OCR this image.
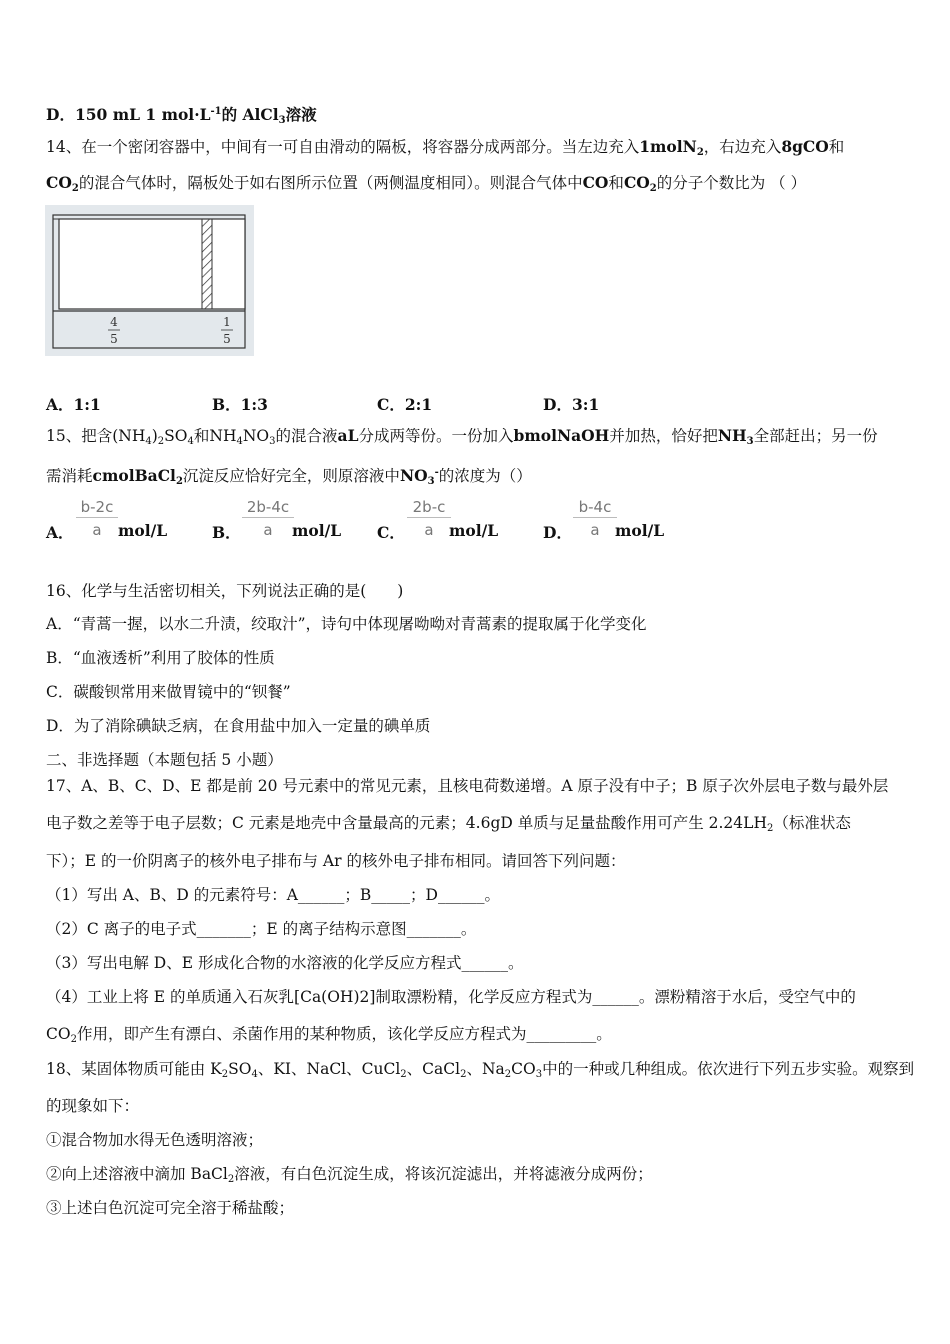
D．150 mL 1 $mol\cdot L^{-1}$的 AlCl$_3$溶液
14、在一个密闭容器中，中间有一可自由滑动的隔板，将容器分成两部分。当左边充入1molN$_2$，右边充入8gCO和
$CO_2$的混合气体时，隔板处于如右图所示位置（两侧温度相同）。则混合气体中CO和$CO_2$的分子个数比为 （ ）
4
5
1
5
A．1:1	B．1:3	C．2:1	D．3:1
15、把含$(NH_4)_2SO_4$和$NH_4NO_3$的混合液aL分成两等份。一份加入bmolNaOH并加热，恰好把$NH_3$全部赶出；另一份
需消耗cmolBaCl$_2$沉淀反应恰好完全，则原溶液中$NO_3^-$的浓度为（）
A． $\frac{b-2c}{a} mol/L$	B． $\frac{2b-4c}{a}$
mol/L C． $\frac{2b-c}{a}$
mol/L	D． $\frac{b-4c}{a}$
mol/L
16、化学与生活密切相关，下列说法正确的是(　　)
A．“青蒿一握，以水二升渍，绞取汁”，诗句中体现屠呦呦对青蒿素的提取属于化学变化
B．“血液透析”利用了胶体的性质
C．碳酸钡常用来做胃镜中的“钡餐”
D．为了消除碘缺乏病，在食用盐中加入一定量的碘单质
二、非选择题（本题包括 5 小题）
17、A、B、C、D、E 都是前 20 号元素中的常见元素，且核电荷数递增。A 原子没有中子；B 原子次外层电子数与最外层
电子数之差等于电子层数；C 元素是地壳中含量最高的元素；4.6gD 单质与足量盐酸作用可产生 $2.24LH_2$（标准状态
下）；E 的一价阴离子的核外电子排布与 Ar 的核外电子排布相同。请回答下列问题：
（1）写出 A、B、D 的元素符号：A______；B_____；D______。
（2）C 离子的电子式_______；E 的离子结构示意图_______。
（3）写出电解 D、E 形成化合物的水溶液的化学反应方程式______。
（4）工业上将 E 的单质通入石灰乳[Ca(OH)2]制取漂粉精，化学反应方程式为______。漂粉精溶于水后，受空气中的
$CO_2$作用，即产生有漂白、杀菌作用的某种物质，该化学反应方程式为_________。
18、某固体物质可能由 $K_2SO_4$、KI、NaCl、CuCl$_2$、CaCl$_2$、$Na_2CO_3$中的一种或几种组成。依次进行下列五步实验。观察到
的现象如下：
①混合物加水得无色透明溶液；
②向上述溶液中滴加 BaCl$_2$溶液，有白色沉淀生成，将该沉淀滤出，并将滤液分成两份；
③上述白色沉淀可完全溶于稀盐酸；
